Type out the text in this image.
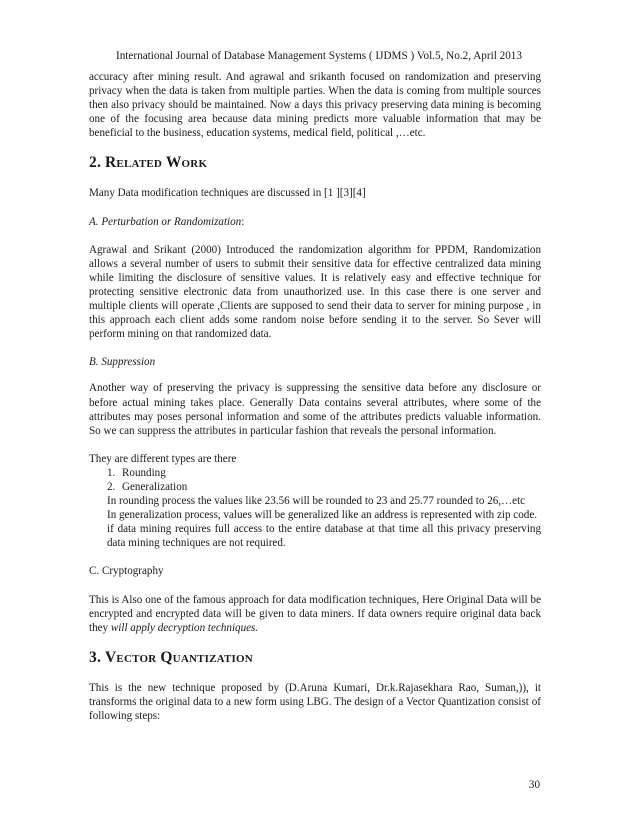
International Journal of Database Management Systems ( IJDMS ) Vol.5, No.2, April 2013

accuracy after mining result. And agrawal and srikanth focused on randomization and preserving privacy when the data is taken from multiple parties. When the data is coming from multiple sources then also privacy should be maintained. Now a days this privacy preserving data mining is becoming one of the focusing area because data mining predicts more valuable information that may be beneficial to the business, education systems, medical field, political ,…etc.

2. Related Work

Many Data modification techniques are discussed in [1 ][3][4]

A. Perturbation or Randomization:

Agrawal and Srikant (2000) Introduced the randomization algorithm for PPDM, Randomization allows a several number of users to submit their sensitive data for effective centralized data mining while limiting the disclosure of sensitive values. It is relatively easy and effective technique for protecting sensitive electronic data from unauthorized use. In this case there is one server and multiple clients will operate ,Clients are supposed to send their data to server for mining purpose , in this approach each client adds some random noise before sending it to the server. So Sever will perform mining on that randomized data.

B. Suppression

Another way of preserving the privacy is suppressing the sensitive data before any disclosure or before actual mining takes place. Generally Data contains several attributes, where some of the attributes may poses personal information and some of the attributes predicts valuable information. So we can suppress the attributes in particular fashion that reveals the personal information.

They are different types are there

1. Rounding
2. Generalization

In rounding process the values like 23.56 will be rounded to 23 and 25.77 rounded to 26,…etc

In generalization process, values will be generalized like an address is represented with zip code.

if data mining requires full access to the entire database at that time all this privacy preserving data mining techniques are not required.

C. Cryptography

This is Also one of the famous approach for data modification techniques, Here Original Data will be encrypted and encrypted data will be given to data miners. If data owners require original data back they will apply decryption techniques.

3. Vector Quantization

This is the new technique proposed by (D.Aruna Kumari, Dr.k.Rajasekhara Rao, Suman,)), it transforms the original data to a new form using LBG. The design of a Vector Quantization consist of following steps:

30
